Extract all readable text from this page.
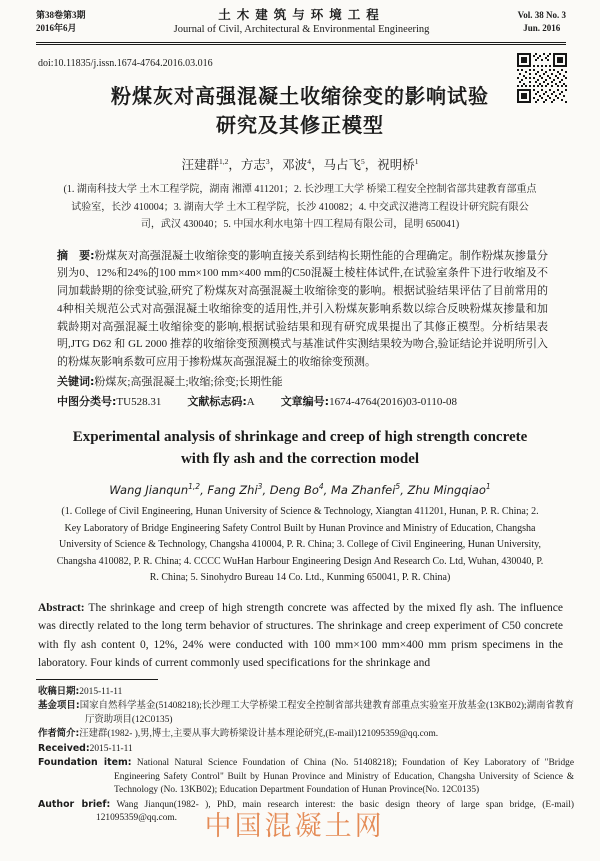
第38卷第3期
2016年6月
土木建筑与环境工程
Journal of Civil, Architectural & Environmental Engineering
Vol. 38 No. 3
Jun. 2016
doi:10.11835/j.issn.1674-4764.2016.03.016
粉煤灰对高强混凝土收缩徐变的影响试验
研究及其修正模型
汪建群$^{1,2}$，方志$^3$，邓波$^4$，马占飞$^5$，祝明桥$^1$
(1. 湖南科技大学 土木工程学院，湖南 湘潭 411201；2. 长沙理工大学 桥梁工程安全控制省部共建教育部重点试验室，长沙 410004；3. 湖南大学 土木工程学院，长沙 410082；4. 中交武汉港湾工程设计研究院有限公司，武汉 430040；5. 中国水利水电第十四工程局有限公司，昆明 650041)
摘　要:粉煤灰对高强混凝土收缩徐变的影响直接关系到结构长期性能的合理确定。制作粉煤灰掺量分别为0、12%和24%的100 mm×100 mm×400 mm的C50混凝土棱柱体试件,在试验室条件下进行收缩及不同加载龄期的徐变试验,研究了粉煤灰对高强混凝土收缩徐变的影响。根据试验结果评估了目前常用的4种相关规范公式对高强混凝土收缩徐变的适用性,并引入粉煤灰影响系数以综合反映粉煤灰掺量和加载龄期对高强混凝土收缩徐变的影响,根据试验结果和现有研究成果提出了其修正模型。分析结果表明,JTG D62 和 GL 2000 推荐的收缩徐变预测模式与基准试件实测结果较为吻合,验证结论并说明所引入的粉煤灰影响系数可应用于掺粉煤灰高强混凝土的收缩徐变预测。
关键词:粉煤灰;高强混凝土;收缩;徐变;长期性能
中图分类号:TU528.31 文献标志码:A 文章编号:1674-4764(2016)03-0110-08
Experimental analysis of shrinkage and creep of high strength concrete
with fly ash and the correction model
Wang Jianqun$^{1,2}$, Fang Zhi$^3$, Deng Bo$^4$, Ma Zhanfei$^5$, Zhu Mingqiao$^1$
(1. College of Civil Engineering, Hunan University of Science & Technology, Xiangtan 411201, Hunan, P. R. China; 2. Key Laboratory of Bridge Engineering Safety Control Built by Hunan Province and Ministry of Education, Changsha University of Science & Technology, Changsha 410004, P. R. China; 3. College of Civil Engineering, Hunan University, Changsha 410082, P. R. China; 4. CCCC WuHan Harbour Engineering Design And Research Co. Ltd, Wuhan, 430040, P. R. China; 5. Sinohydro Bureau 14 Co. Ltd., Kunming 650041, P. R. China)
Abstract: The shrinkage and creep of high strength concrete was affected by the mixed fly ash. The influence was directly related to the long term behavior of structures. The shrinkage and creep experiment of C50 concrete with fly ash content 0, 12%, 24% were conducted with 100 mm×100 mm×400 mm prism specimens in the laboratory. Four kinds of current commonly used specifications for the shrinkage and
收稿日期:2015-11-11
基金项目:国家自然科学基金(51408218);长沙理工大学桥梁工程安全控制省部共建教育部重点实验室开放基金(13KB02);湖南省教育厅资助项目(12C0135)
作者简介:汪建群(1982- ),男,博士,主要从事大跨桥梁设计基本理论研究,(E-mail)121095359@qq.com.
Received:2015-11-11
Foundation item: National Natural Science Foundation of China (No. 51408218); Foundation of Key Laboratory of "Bridge Engineering Safety Control" Built by Hunan Province and Ministry of Education, Changsha University of Science & Technology (No. 13KB02); Education Department Foundation of Hunan Province(No. 12C0135)
Author brief: Wang Jianqun(1982- ), PhD, main research interest: the basic design theory of large span bridge, (E-mail) 121095359@qq.com.	中国混凝土网
